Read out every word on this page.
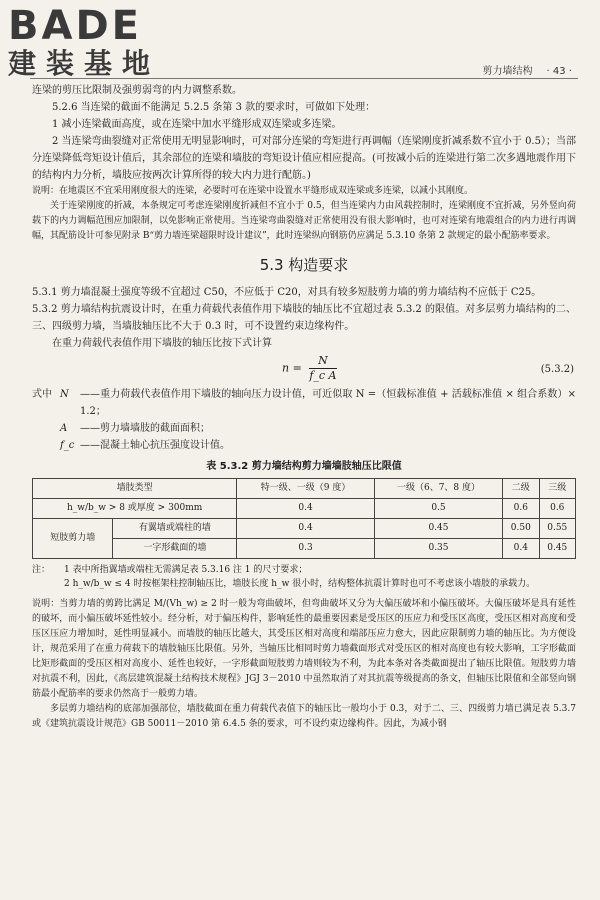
BADE
建装基地	剪力墙结构 · 43 ·

连梁的剪压比限制及强剪弱弯的内力调整系数。

5.2.6 当连梁的截面不能满足 5.2.5 条第 3 款的要求时，可做如下处理：

1 减小连梁截面高度，或在连梁中加水平缝形成双连梁或多连梁。

2 当连梁弯曲裂缝对正常使用无明显影响时，可对部分连梁的弯矩进行再调幅（连梁刚度折减系数不宜小于 0.5）；当部分连梁降低弯矩设计值后，其余部位的连梁和墙肢的弯矩设计值应相应提高。(可按减小后的连梁进行第二次多遇地震作用下的结构内力分析，墙肢应按两次计算所得的较大内力进行配筋。)

说明：在地震区不宜采用刚度很大的连梁，必要时可在连梁中设置水平缝形成双连梁或多连梁，以减小其刚度。

关于连梁刚度的折减，本条规定可考虑连梁刚度折减但不宜小于 0.5，但当连梁内力由风载控制时，连梁刚度不宜折减，另外竖向荷载下的内力调幅范围应加限制，以免影响正常使用。当连梁弯曲裂缝对正常使用没有很大影响时，也可对连梁有地震组合的内力进行再调幅，其配筋设计可参见附录 B“剪力墙连梁超限时设计建议”，此时连梁纵向钢筋仍应满足 5.3.10 条第 2 款规定的最小配筋率要求。

5.3 构造要求

5.3.1 剪力墙混凝土强度等级不宜超过 C50，不应低于 C20，对具有较多短肢剪力墙的剪力墙结构不应低于 C25。

5.3.2 剪力墙结构抗震设计时，在重力荷载代表值作用下墙肢的轴压比不宜超过表 5.3.2 的限值。对多层剪力墙结构的二、三、四级剪力墙，当墙肢轴压比不大于 0.3 时，可不设置约束边缘构件。

在重力荷载代表值作用下墙肢的轴压比按下式计算

$n = \frac{N}{\text{f\_c A}}$	(5.3.2)
式中 N	——重力荷载代表值作用下墙肢的轴向压力设计值，可近似取 N =（恒载标准值 + 活载标准值 × 组合系数）× 1.2；
A	——剪力墙墙肢的截面面积；
f_c ——混凝土轴心抗压强度设计值。
表 5.3.2 剪力墙结构剪力墙墙肢轴压比限值
墙肢类型		特一级、一级（9 度）	一级（6、7、8 度）	二级	三级
h_w/b_w > 8 或厚度 > 300mm		0.4	0.5	0.6	0.6
短肢剪力墙	有翼墙或端柱的墙	0.4	0.45	0.50	0.55
	一字形截面的墙	0.3	0.35	0.4	0.45
注：	1 表中所指翼墙或端柱无需满足表 5.3.16 注 1 的尺寸要求；
2 h_w/b_w ≤ 4 时按框架柱控制轴压比，墙肢长度 h_w 很小时，结构整体抗震计算时也可不考虑该小墙肢的承载力。

说明：当剪力墙的剪跨比满足 M/(Vh_w) ≥ 2 时一般为弯曲破坏，但弯曲破坏又分为大偏压破坏和小偏压破坏。大偏压破坏是具有延性的破坏，而小偏压破坏延性较小。经分析，对于偏压构件，影响延性的最重要因素是受压区的压应力和受压区高度，受压区相对高度和受压区压应力增加时，延性明显减小。而墙肢的轴压比越大，其受压区相对高度和端部压应力愈大，因此应限制剪力墙的轴压比。为方便设计，规范采用了在重力荷载下的墙肢轴压比限值。另外，当轴压比相同时剪力墙截面形式对受压区的相对高度也有较大影响，工字形截面比矩形截面的受压区相对高度小、延性也较好，一字形截面短肢剪力墙则较为不利，为此本条对各类截面提出了轴压比限值。短肢剪力墙对抗震不利，因此，《高层建筑混凝土结构技术规程》JGJ 3－2010 中虽然取消了对其抗震等级提高的条文，但轴压比限值和全部竖向钢筋最小配筋率的要求仍然高于一般剪力墙。

多层剪力墙结构的底部加强部位，墙肢截面在重力荷载代表值下的轴压比一般均小于 0.3，对于二、三、四级剪力墙已满足表 5.3.7 或《建筑抗震设计规范》GB 50011－2010 第 6.4.5 条的要求，可不设约束边缘构件。因此，为减小钢
